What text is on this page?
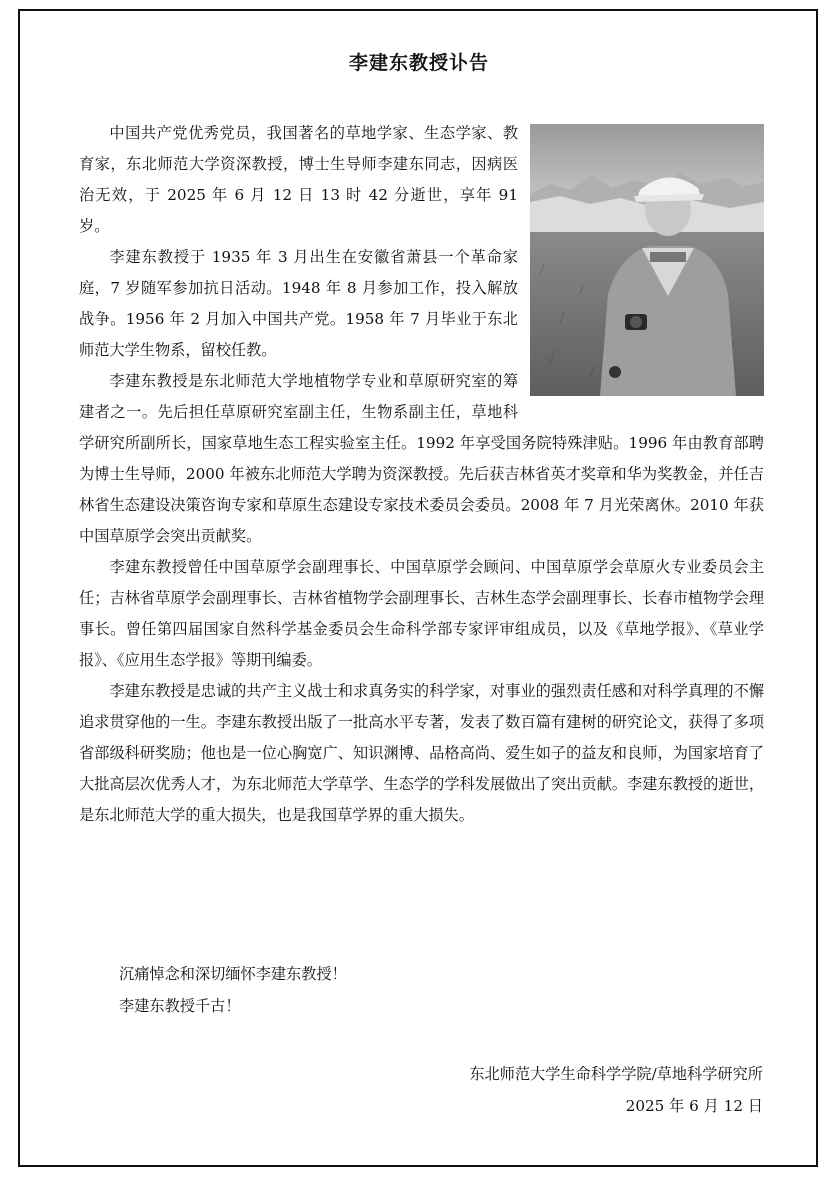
李建东教授讣告

中国共产党优秀党员，我国著名的草地学家、生态学家、教育家，东北师范大学资深教授，博士生导师李建东同志，因病医治无效，于 2025 年 6 月 12 日 13 时 42 分逝世，享年 91 岁。

李建东教授于 1935 年 3 月出生在安徽省萧县一个革命家庭，7 岁随军参加抗日活动。1948 年 8 月参加工作，投入解放战争。1956 年 2 月加入中国共产党。1958 年 7 月毕业于东北师范大学生物系，留校任教。

李建东教授是东北师范大学地植物学专业和草原研究室的筹建者之一。先后担任草原研究室副主任，生物系副主任，草地科学研究所副所长，国家草地生态工程实验室主任。1992 年享受国务院特殊津贴。1996 年由教育部聘为博士生导师，2000 年被东北师范大学聘为资深教授。先后获吉林省英才奖章和华为奖教金，并任吉林省生态建设决策咨询专家和草原生态建设专家技术委员会委员。2008 年 7 月光荣离休。2010 年获中国草原学会突出贡献奖。

李建东教授曾任中国草原学会副理事长、中国草原学会顾问、中国草原学会草原火专业委员会主任；吉林省草原学会副理事长、吉林省植物学会副理事长、吉林生态学会副理事长、长春市植物学会理事长。曾任第四届国家自然科学基金委员会生命科学部专家评审组成员，以及《草地学报》、《草业学报》、《应用生态学报》等期刊编委。

李建东教授是忠诚的共产主义战士和求真务实的科学家，对事业的强烈责任感和对科学真理的不懈追求贯穿他的一生。李建东教授出版了一批高水平专著，发表了数百篇有建树的研究论文，获得了多项省部级科研奖励；他也是一位心胸宽广、知识渊博、品格高尚、爱生如子的益友和良师，为国家培育了大批高层次优秀人才，为东北师范大学草学、生态学的学科发展做出了突出贡献。李建东教授的逝世，是东北师范大学的重大损失，也是我国草学界的重大损失。

沉痛悼念和深切缅怀李建东教授！
李建东教授千古！
东北师范大学生命科学学院/草地科学研究所
2025 年 6 月 12 日
